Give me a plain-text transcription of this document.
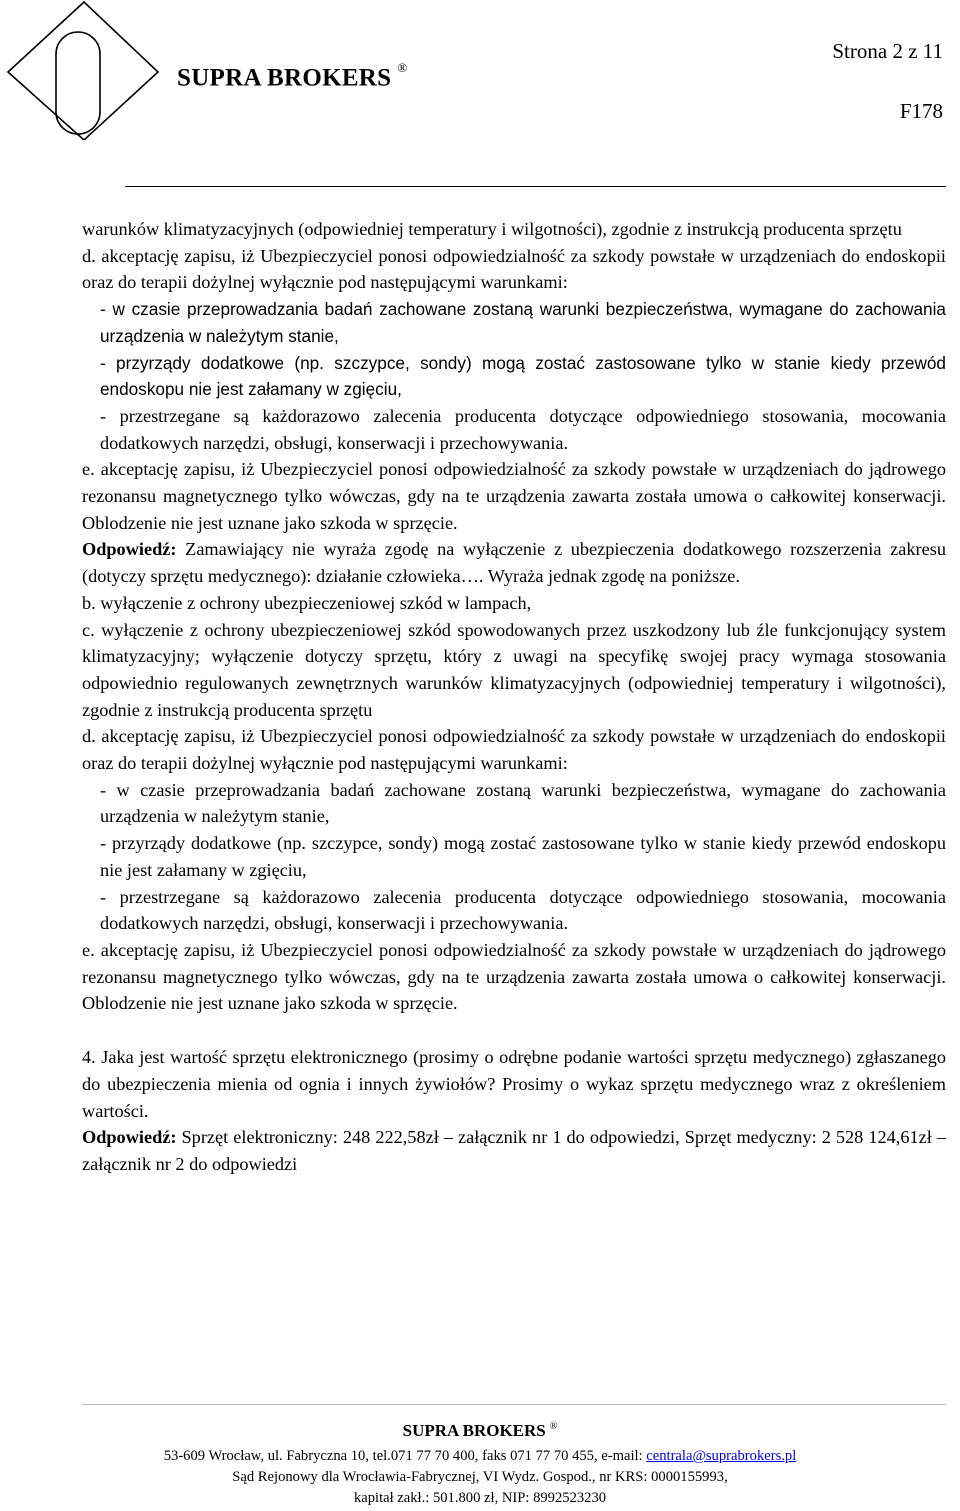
SUPRA BROKERS ®
Strona 2 z 11
F178

warunków klimatyzacyjnych (odpowiedniej temperatury i wilgotności), zgodnie z instrukcją producenta sprzętu

d. akceptację zapisu, iż Ubezpieczyciel ponosi odpowiedzialność za szkody powstałe w urządzeniach do endoskopii oraz do terapii dożylnej wyłącznie pod następującymi warunkami:

- w czasie przeprowadzania badań zachowane zostaną warunki bezpieczeństwa, wymagane do zachowania urządzenia w należytym stanie,

- przyrządy dodatkowe (np. szczypce, sondy) mogą zostać zastosowane tylko w stanie kiedy przewód endoskopu nie jest załamany w zgięciu,

- przestrzegane są każdorazowo zalecenia producenta dotyczące odpowiedniego stosowania, mocowania dodatkowych narzędzi, obsługi, konserwacji i przechowywania.

e. akceptację zapisu, iż Ubezpieczyciel ponosi odpowiedzialność za szkody powstałe w urządzeniach do jądrowego rezonansu magnetycznego tylko wówczas, gdy na te urządzenia zawarta została umowa o całkowitej konserwacji. Oblodzenie nie jest uznane jako szkoda w sprzęcie.

Odpowiedź: Zamawiający nie wyraża zgodę na wyłączenie z ubezpieczenia dodatkowego rozszerzenia zakresu (dotyczy sprzętu medycznego): działanie człowieka…. Wyraża jednak zgodę na poniższe.

b. wyłączenie z ochrony ubezpieczeniowej szkód w lampach,

c. wyłączenie z ochrony ubezpieczeniowej szkód spowodowanych przez uszkodzony lub źle funkcjonujący system klimatyzacyjny; wyłączenie dotyczy sprzętu, który z uwagi na specyfikę swojej pracy wymaga stosowania odpowiednio regulowanych zewnętrznych warunków klimatyzacyjnych (odpowiedniej temperatury i wilgotności), zgodnie z instrukcją producenta sprzętu

d. akceptację zapisu, iż Ubezpieczyciel ponosi odpowiedzialność za szkody powstałe w urządzeniach do endoskopii oraz do terapii dożylnej wyłącznie pod następującymi warunkami:

- w czasie przeprowadzania badań zachowane zostaną warunki bezpieczeństwa, wymagane do zachowania urządzenia w należytym stanie,

- przyrządy dodatkowe (np. szczypce, sondy) mogą zostać zastosowane tylko w stanie kiedy przewód endoskopu nie jest załamany w zgięciu,

- przestrzegane są każdorazowo zalecenia producenta dotyczące odpowiedniego stosowania, mocowania dodatkowych narzędzi, obsługi, konserwacji i przechowywania.

e. akceptację zapisu, iż Ubezpieczyciel ponosi odpowiedzialność za szkody powstałe w urządzeniach do jądrowego rezonansu magnetycznego tylko wówczas, gdy na te urządzenia zawarta została umowa o całkowitej konserwacji. Oblodzenie nie jest uznane jako szkoda w sprzęcie.

4. Jaka jest wartość sprzętu elektronicznego (prosimy o odrębne podanie wartości sprzętu medycznego) zgłaszanego do ubezpieczenia mienia od ognia i innych żywiołów? Prosimy o wykaz sprzętu medycznego wraz z określeniem wartości.

Odpowiedź: Sprzęt elektroniczny: 248 222,58zł – załącznik nr 1 do odpowiedzi, Sprzęt medyczny: 2 528 124,61zł – załącznik nr 2 do odpowiedzi

SUPRA BROKERS ®
53-609 Wrocław, ul. Fabryczna 10, tel.071 77 70 400, faks 071 77 70 455, e-mail: centrala@suprabrokers.pl
Sąd Rejonowy dla Wrocławia-Fabrycznej, VI Wydz. Gospod., nr KRS: 0000155993,
kapitał zakł.: 501.800 zł, NIP: 8992523230
